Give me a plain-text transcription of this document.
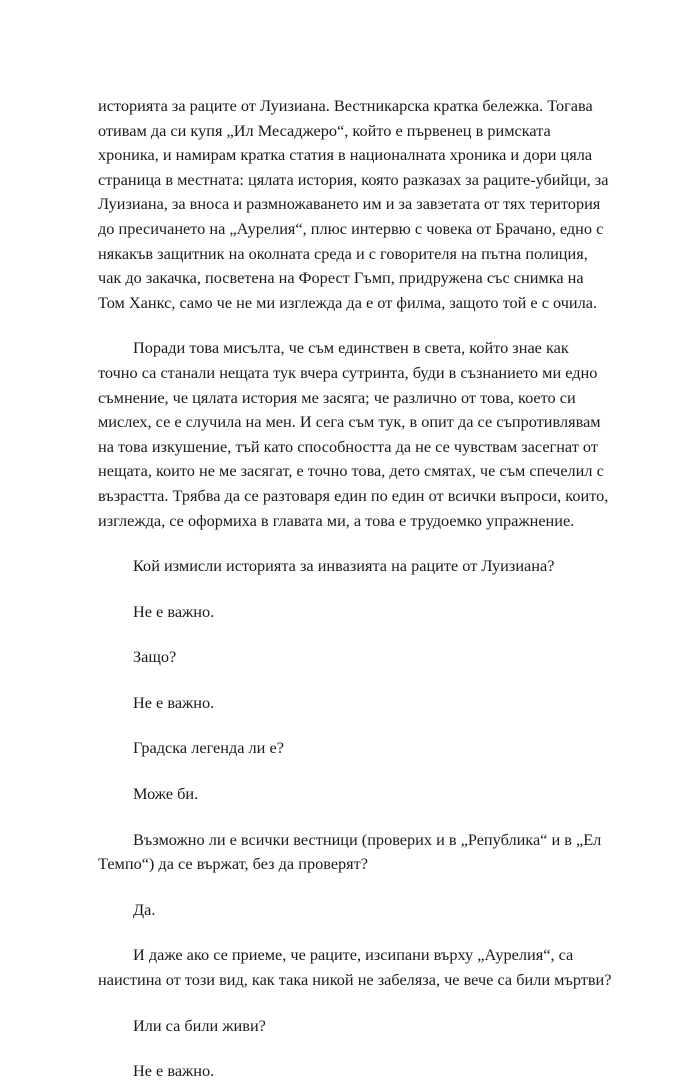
историята за раците от Луизиана. Вестникарска кратка бележка. Тогава
отивам да си купя „Ил Месаджеро“, който е първенец в римската
хроника, и намирам кратка статия в националната хроника и дори цяла
страница в местната: цялата история, която разказах за раците-убийци, за
Луизиана, за вноса и размножаването им и за завзетата от тях територия
до пресичането на „Аурелия“, плюс интервю с човека от Брачано, едно с
някакъв защитник на околната среда и с говорителя на пътна полиция,
чак до закачка, посветена на Форест Гъмп, придружена със снимка на
Том Ханкс, само че не ми изглежда да е от филма, защото той е с очила.
Поради това мисълта, че съм единствен в света, който знае как
точно са станали нещата тук вчера сутринта, буди в съзнанието ми едно
съмнение, че цялата история ме засяга; че различно от това, което си
мислех, се е случила на мен. И сега съм тук, в опит да се съпротивлявам
на това изкушение, тъй като способността да не се чувствам засегнат от
нещата, които не ме засягат, е точно това, дето смятах, че съм спечелил с
възрастта. Трябва да се разтоваря един по един от всички въпроси, които,
изглежда, се оформиха в главата ми, а това е трудоемко упражнение.
Кой измисли историята за инвазията на раците от Луизиана?
Не е важно.
Защо?
Не е важно.
Градска легенда ли е?
Може би.
Възможно ли е всички вестници (проверих и в „Република“ и в „Ел
Темпо“) да се вържат, без да проверят?
Да.
И даже ако се приеме, че раците, изсипани върху „Аурелия“, са
наистина от този вид, как така никой не забеляза, че вече са били мъртви?
Или са били живи?
Не е важно.
